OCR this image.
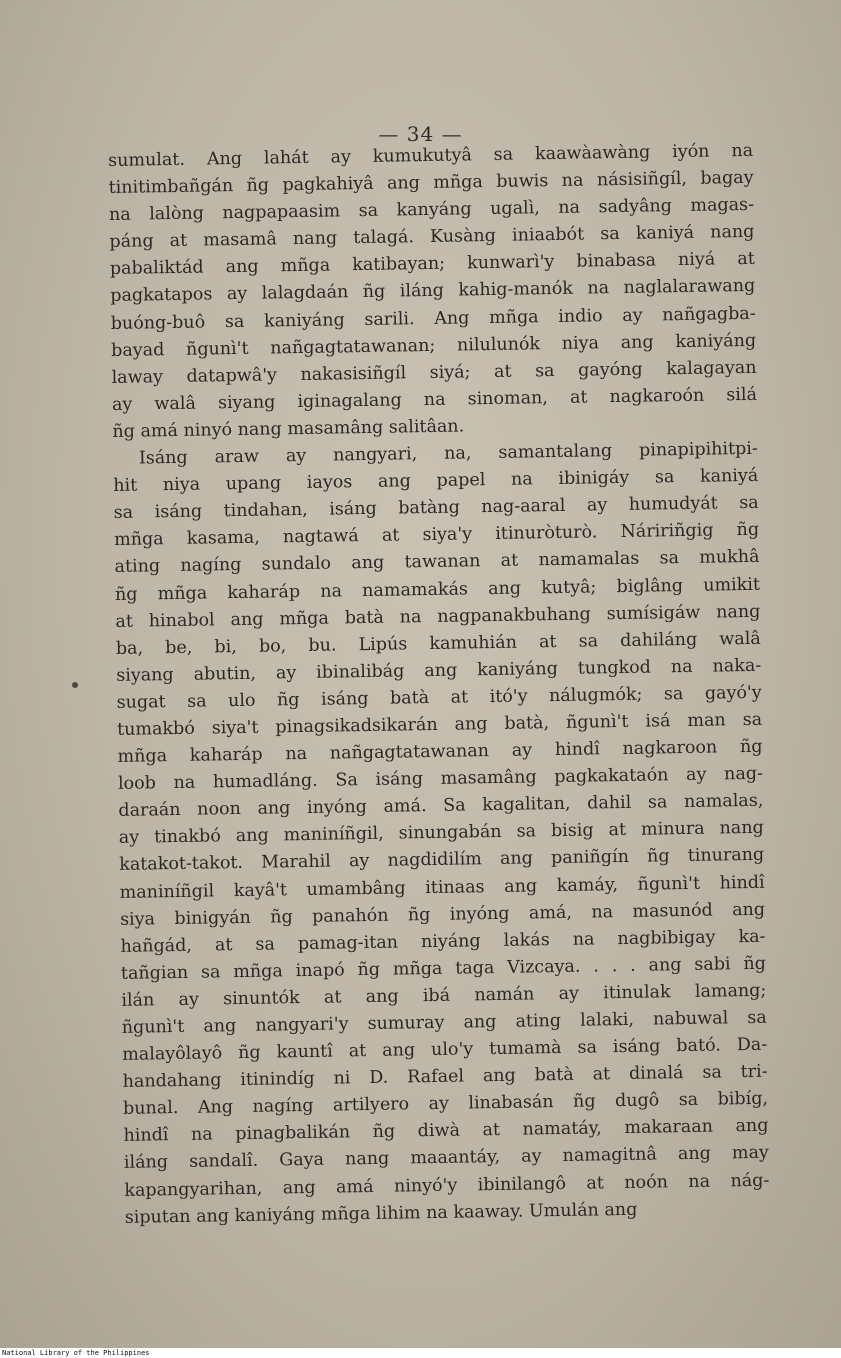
— 34 —
sumulat. Ang lahát ay kumukutyâ sa kaawàawàng iyón na
tinitimbañgán ñg pagkahiyâ ang mñga buwis na násisiñgíl, bagay
na lalòng nagpapaasim sa kanyáng ugalì, na sadyâng magas-
páng at masamâ nang talagá. Kusàng iniaabót sa kaniyá nang
pabaliktád ang mñga katibayan; kunwarì'y binabasa niyá at
pagkatapos ay lalagdaán ñg iláng kahig-manók na naglalarawang
buóng-buô sa kaniyáng sarili. Ang mñga indio ay nañgagba-
bayad ñgunì't nañgagtatawanan; nilulunók niya ang kaniyáng
laway datapwâ'y nakasisiñgíl siyá; at sa gayóng kalagayan
ay walâ siyang iginagalang na sinoman, at nagkaroón silá
ñg amá ninyó nang masamâng salitâan.
Isáng araw ay nangyari, na, samantalang pinapipihitpi-
hit niya upang iayos ang papel na ibinigáy sa kaniyá
sa isáng tindahan, isáng batàng nag-aaral ay humudyát sa
mñga kasama, nagtawá at siya'y itinuròturò. Náririñgig ñg
ating nagíng sundalo ang tawanan at namamalas sa mukhâ
ñg mñga kaharáp na namamakás ang kutyâ; biglâng umikit
at hinabol ang mñga batà na nagpanakbuhang sumísigáw nang
ba, be, bi, bo, bu. Lipús kamuhián at sa dahiláng walâ
siyang abutin, ay ibinalibág ang kaniyáng tungkod na naka-
sugat sa ulo ñg isáng batà at itó'y nálugmók; sa gayó'y
tumakbó siya't pinagsikadsikarán ang batà, ñgunì't isá man sa
mñga kaharáp na nañgagtatawanan ay hindî nagkaroon ñg
loob na humadláng. Sa isáng masamâng pagkakataón ay nag-
daraán noon ang inyóng amá. Sa kagalitan, dahil sa namalas,
ay tinakbó ang maniníñgil, sinungabán sa bisig at minura nang
katakot-takot. Marahil ay nagdidilím ang paniñgín ñg tinurang
maniníñgil kayâ't umambâng itinaas ang kamáy, ñgunì't hindî
siya binigyán ñg panahón ñg inyóng amá, na masunód ang
hañgád, at sa pamag-itan niyáng lakás na nagbibigay ka-
tañgian sa mñga inapó ñg mñga taga Vizcaya. . . . ang sabi ñg
ilán ay sinuntók at ang ibá namán ay itinulak lamang;
ñgunì't ang nangyari'y sumuray ang ating lalaki, nabuwal sa
malayôlayô ñg kauntî at ang ulo'y tumamà sa isáng bató. Da-
handahang itinindíg ni D. Rafael ang batà at dinalá sa tri-
bunal. Ang nagíng artilyero ay linabasán ñg dugô sa bibíg,
hindî na pinagbalikán ñg diwà at namatáy, makaraan ang
iláng sandalî. Gaya nang maaantáy, ay namagitnâ ang may
kapangyarihan, ang amá ninyó'y ibinilangô at noón na nág-
siputan ang kaniyáng mñga lihim na kaaway. Umulán ang
National Library of the Philippines
